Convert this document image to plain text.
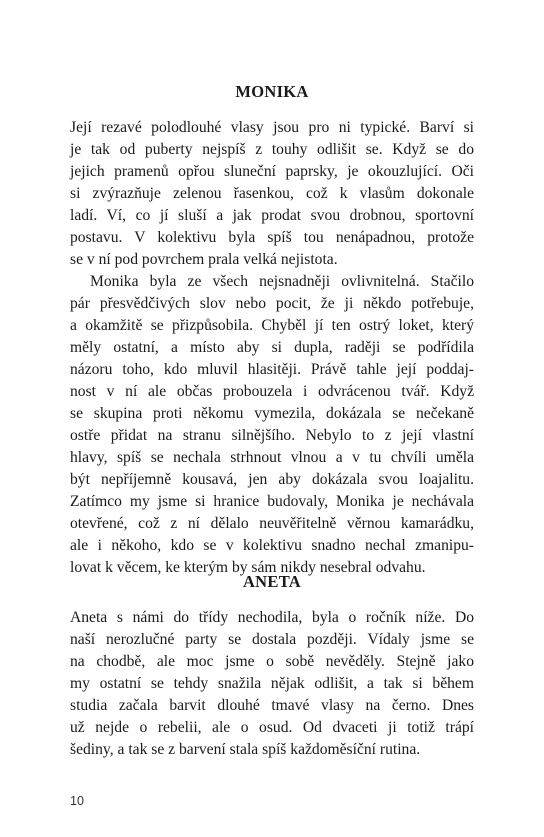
MONIKA
Její rezavé polodlouhé vlasy jsou pro ni typické. Barví si
je tak od puberty nejspíš z touhy odlišit se. Když se do
jejich pramenů opřou sluneční paprsky, je okouzlující. Oči
si zvýrazňuje zelenou řasenkou, což k vlasům dokonale
ladí. Ví, co jí sluší a jak prodat svou drobnou, sportovní
postavu. V kolektivu byla spíš tou nenápadnou, protože
se v ní pod povrchem prala velká nejistota.
Monika byla ze všech nejsnadněji ovlivnitelná. Stačilo
pár přesvědčivých slov nebo pocit, že ji někdo potřebuje,
a okamžitě se přizpůsobila. Chyběl jí ten ostrý loket, který
měly ostatní, a místo aby si dupla, raději se podřídila
názoru toho, kdo mluvil hlasitěji. Právě tahle její poddaj-
nost v ní ale občas probouzela i odvrácenou tvář. Když
se skupina proti někomu vymezila, dokázala se nečekaně
ostře přidat na stranu silnějšího. Nebylo to z její vlastní
hlavy, spíš se nechala strhnout vlnou a v tu chvíli uměla
být nepříjemně kousavá, jen aby dokázala svou loajalitu.
Zatímco my jsme si hranice budovaly, Monika je nechávala
otevřené, což z ní dělalo neuvěřitelně věrnou kamarádku,
ale i někoho, kdo se v kolektivu snadno nechal zmanipu-
lovat k věcem, ke kterým by sám nikdy nesebral odvahu.
ANETA
Aneta s námi do třídy nechodila, byla o ročník níže. Do
naší nerozlučné party se dostala později. Vídaly jsme se
na chodbě, ale moc jsme o sobě nevěděly. Stejně jako
my ostatní se tehdy snažila nějak odlišit, a tak si během
studia začala barvit dlouhé tmavé vlasy na černo. Dnes
už nejde o rebelii, ale o osud. Od dvaceti ji totiž trápí
šediny, a tak se z barvení stala spíš každoměsíční rutina.
10
